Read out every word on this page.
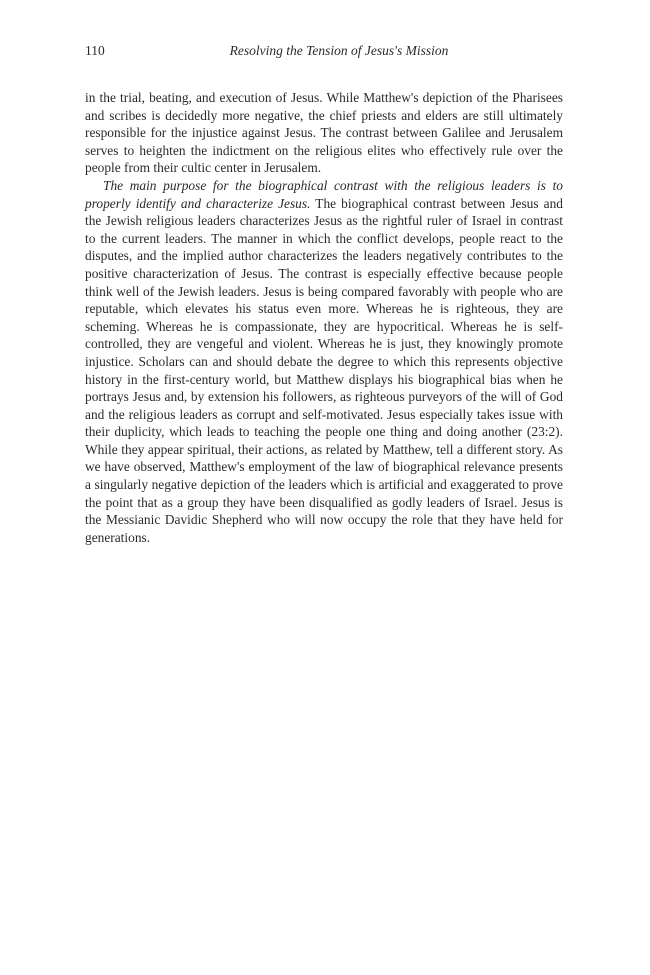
110	Resolving the Tension of Jesus's Mission

in the trial, beating, and execution of Jesus. While Matthew's depiction of the Pharisees and scribes is decidedly more negative, the chief priests and elders are still ultimately responsible for the injustice against Jesus. The contrast between Galilee and Jerusalem serves to heighten the indictment on the religious elites who effectively rule over the people from their cultic center in Jerusalem.

The main purpose for the biographical contrast with the religious leaders is to properly identify and characterize Jesus. The biographical contrast between Jesus and the Jewish religious leaders characterizes Jesus as the rightful ruler of Israel in contrast to the current leaders. The manner in which the conflict develops, people react to the disputes, and the implied author characterizes the leaders negatively contributes to the positive characterization of Jesus. The contrast is especially effective because people think well of the Jewish leaders. Jesus is being compared favorably with people who are reputable, which elevates his status even more. Whereas he is righteous, they are scheming. Whereas he is compassionate, they are hypocritical. Whereas he is self-controlled, they are vengeful and violent. Whereas he is just, they knowingly promote injustice. Scholars can and should debate the degree to which this represents objective history in the first-century world, but Matthew displays his biographical bias when he portrays Jesus and, by extension his followers, as righteous purveyors of the will of God and the religious leaders as corrupt and self-motivated. Jesus especially takes issue with their duplicity, which leads to teaching the people one thing and doing another (23:2). While they appear spiritual, their actions, as related by Matthew, tell a different story. As we have observed, Matthew's employment of the law of biographical relevance presents a singularly negative depiction of the leaders which is artificial and exaggerated to prove the point that as a group they have been disqualified as godly leaders of Israel. Jesus is the Messianic Davidic Shepherd who will now occupy the role that they have held for generations.
